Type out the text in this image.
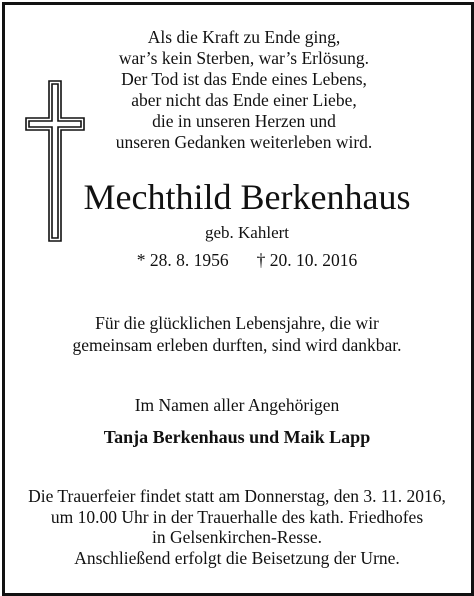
Als die Kraft zu Ende ging,
war’s kein Sterben, war’s Erlösung.
Der Tod ist das Ende eines Lebens,
aber nicht das Ende einer Liebe,
die in unseren Herzen und
unseren Gedanken weiterleben wird.
Mechthild Berkenhaus
geb. Kahlert
* 28. 8. 1956 † 20. 10. 2016
Für die glücklichen Lebensjahre, die wir
gemeinsam erleben durften, sind wird dankbar.
Im Namen aller Angehörigen
Tanja Berkenhaus und Maik Lapp
Die Trauerfeier findet statt am Donnerstag, den 3. 11. 2016,
um 10.00 Uhr in der Trauerhalle des kath. Friedhofes
in Gelsenkirchen-Resse.
Anschließend erfolgt die Beisetzung der Urne.
